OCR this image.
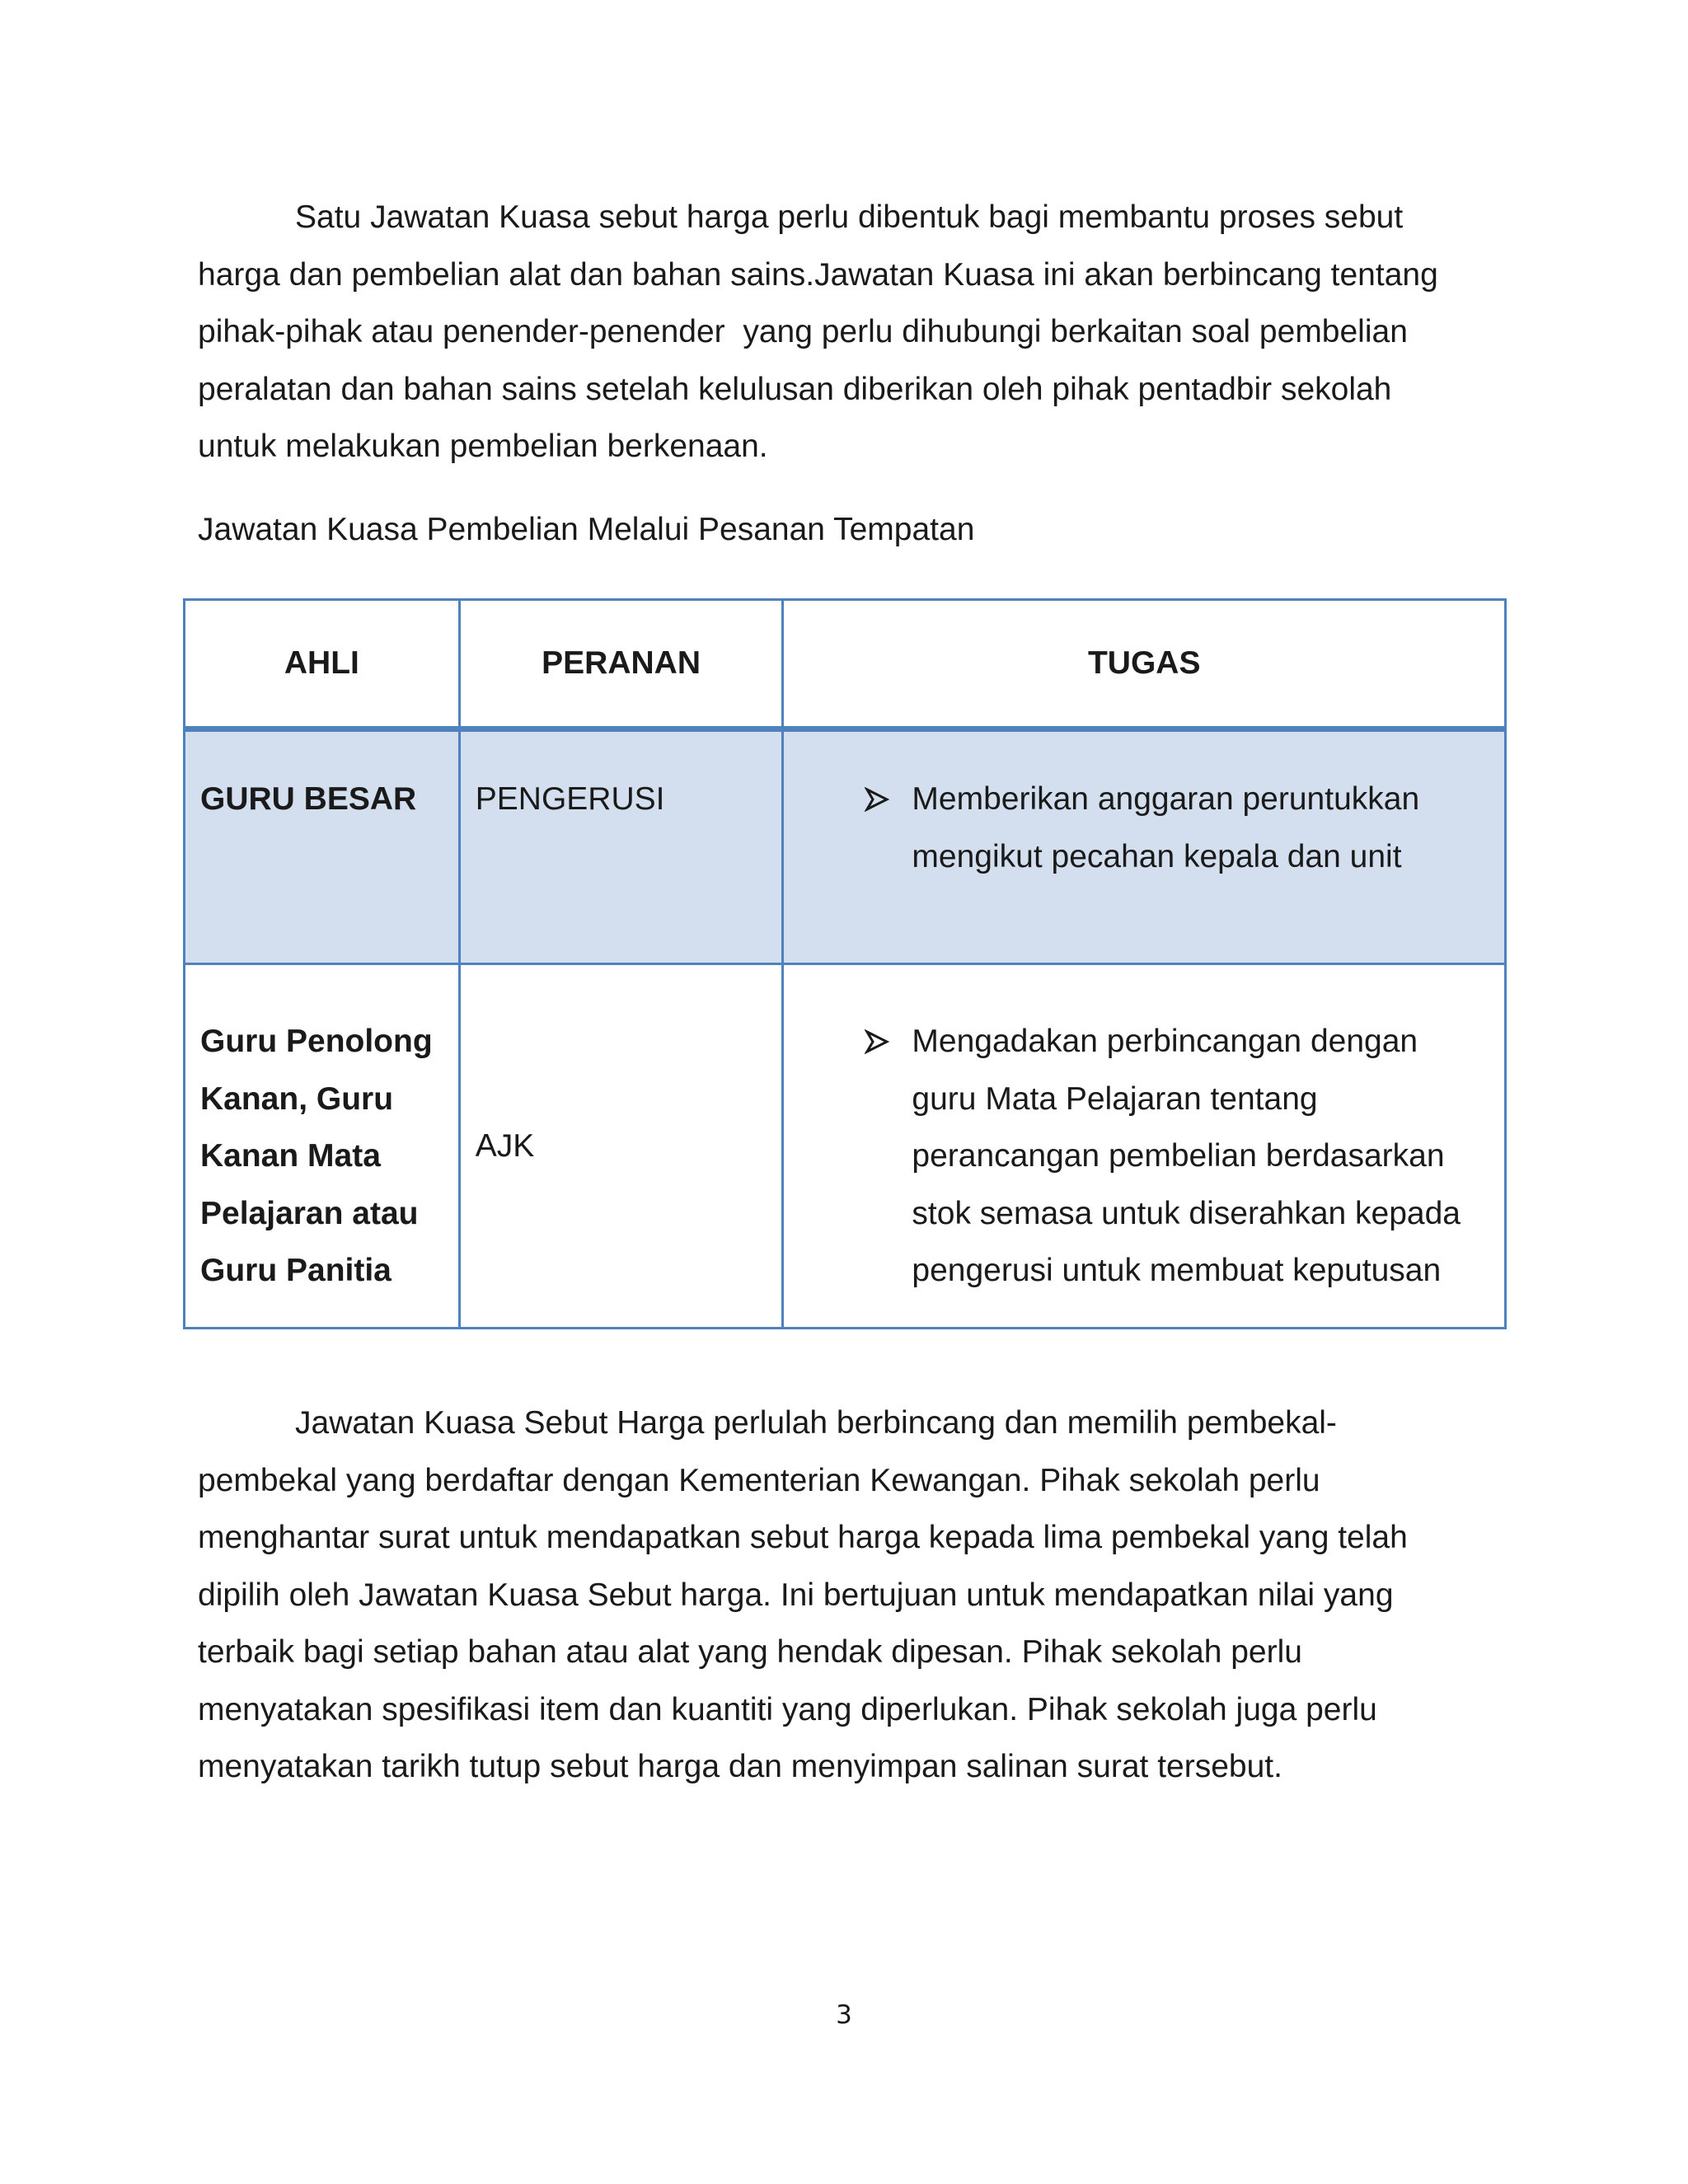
Satu Jawatan Kuasa sebut harga perlu dibentuk bagi membantu proses sebut
harga dan pembelian alat dan bahan sains.Jawatan Kuasa ini akan berbincang tentang
pihak-pihak atau penender-penender  yang perlu dihubungi berkaitan soal pembelian
peralatan dan bahan sains setelah kelulusan diberikan oleh pihak pentadbir sekolah
untuk melakukan pembelian berkenaan.

Jawatan Kuasa Pembelian Melalui Pesanan Tempatan

AHLI	PERANAN	TUGAS

GURU BESAR	PENGERUSI	Memberikan anggaran peruntukkan
mengikut pecahan kepala dan unit

Guru Penolong
Kanan, Guru
Kanan Mata
Pelajaran atau
Guru Panitia	AJK	Mengadakan perbincangan dengan
guru Mata Pelajaran tentang
perancangan pembelian berdasarkan
stok semasa untuk diserahkan kepada
pengerusi untuk membuat keputusan

Jawatan Kuasa Sebut Harga perlulah berbincang dan memilih pembekal-
pembekal yang berdaftar dengan Kementerian Kewangan. Pihak sekolah perlu
menghantar surat untuk mendapatkan sebut harga kepada lima pembekal yang telah
dipilih oleh Jawatan Kuasa Sebut harga. Ini bertujuan untuk mendapatkan nilai yang
terbaik bagi setiap bahan atau alat yang hendak dipesan. Pihak sekolah perlu
menyatakan spesifikasi item dan kuantiti yang diperlukan. Pihak sekolah juga perlu
menyatakan tarikh tutup sebut harga dan menyimpan salinan surat tersebut.

3
